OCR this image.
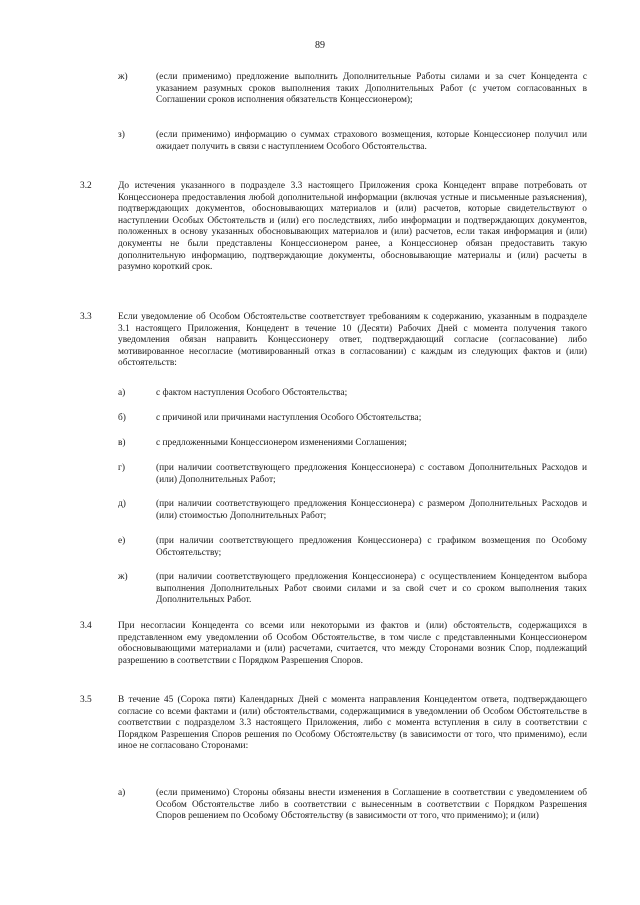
89
ж)	(если применимо) предложение выполнить Дополнительные Работы силами и за счет Концедента с указанием разумных сроков выполнения таких Дополнительных Работ (с учетом согласованных в Соглашении сроков исполнения обязательств Концессионером);
з)	(если применимо) информацию о суммах страхового возмещения, которые Концессионер получил или ожидает получить в связи с наступлением Особого Обстоятельства.
3.2	До истечения указанного в подразделе 3.3 настоящего Приложения срока Концедент вправе потребовать от Концессионера предоставления любой дополнительной информации (включая устные и письменные разъяснения), подтверждающих документов, обосновывающих материалов и (или) расчетов, которые свидетельствуют о наступлении Особых Обстоятельств и (или) его последствиях, либо информации и подтверждающих документов, положенных в основу указанных обосновывающих материалов и (или) расчетов, если такая информация и (или) документы не были представлены Концессионером ранее, а Концессионер обязан предоставить такую дополнительную информацию, подтверждающие документы, обосновывающие материалы и (или) расчеты в разумно короткий срок.
3.3	Если уведомление об Особом Обстоятельстве соответствует требованиям к содержанию, указанным в подразделе 3.1 настоящего Приложения, Концедент в течение 10 (Десяти) Рабочих Дней с момента получения такого уведомления обязан направить Концессионеру ответ, подтверждающий согласие (согласование) либо мотивированное несогласие (мотивированный отказ в согласовании) с каждым из следующих фактов и (или) обстоятельств:
а)	с фактом наступления Особого Обстоятельства;
б)	с причиной или причинами наступления Особого Обстоятельства;
в)	с предложенными Концессионером изменениями Соглашения;
г)	(при наличии соответствующего предложения Концессионера) с составом Дополнительных Расходов и (или) Дополнительных Работ;
д)	(при наличии соответствующего предложения Концессионера) с размером Дополнительных Расходов и (или) стоимостью Дополнительных Работ;
е)	(при наличии соответствующего предложения Концессионера) с графиком возмещения по Особому Обстоятельству;
ж)	(при наличии соответствующего предложения Концессионера) с осуществлением Концедентом выбора выполнения Дополнительных Работ своими силами и за свой счет и со сроком выполнения таких Дополнительных Работ.
3.4	При несогласии Концедента со всеми или некоторыми из фактов и (или) обстоятельств, содержащихся в представленном ему уведомлении об Особом Обстоятельстве, в том числе с представленными Концессионером обосновывающими материалами и (или) расчетами, считается, что между Сторонами возник Спор, подлежащий разрешению в соответствии с Порядком Разрешения Споров.
3.5	В течение 45 (Сорока пяти) Календарных Дней с момента направления Концедентом ответа, подтверждающего согласие со всеми фактами и (или) обстоятельствами, содержащимися в уведомлении об Особом Обстоятельстве в соответствии с подразделом 3.3 настоящего Приложения, либо с момента вступления в силу в соответствии с Порядком Разрешения Споров решения по Особому Обстоятельству (в зависимости от того, что применимо), если иное не согласовано Сторонами:
а)	(если применимо) Стороны обязаны внести изменения в Соглашение в соответствии с уведомлением об Особом Обстоятельстве либо в соответствии с вынесенным в соответствии с Порядком Разрешения Споров решением по Особому Обстоятельству (в зависимости от того, что применимо); и (или)
